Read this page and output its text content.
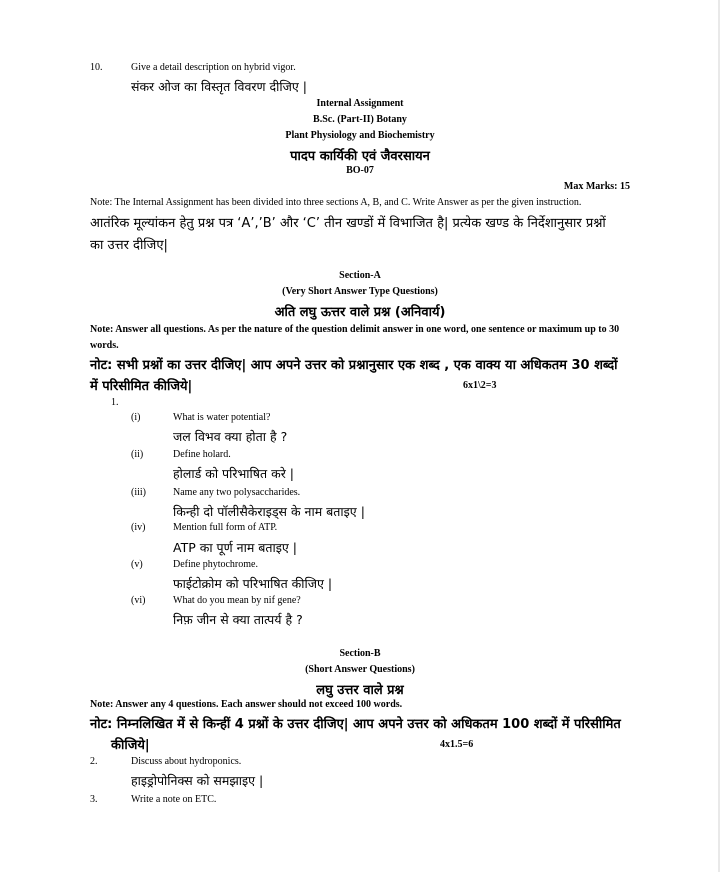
10.	Give a detail description on hybrid vigor.
संकर ओज का विस्तृत विवरण दीजिए |
Internal Assignment
B.Sc. (Part-II) Botany
Plant Physiology and Biochemistry
पादप कार्यिकी एवं जैवरसायन
BO-07
Max Marks: 15
Note: The Internal Assignment has been divided into three sections A, B, and C. Write Answer as per the given instruction.
आतंरिक मूल्यांकन हेतु प्रश्न पत्र ‘A’,’B’ और ‘C’ तीन खण्डों में विभाजित है| प्रत्येक खण्ड के निर्देशानुसार प्रश्नों
का उत्तर दीजिए|
Section-A
(Very Short Answer Type Questions)
अति लघु ऊत्तर वाले प्रश्न (अनिवार्य)
Note: Answer all questions. As per the nature of the question delimit answer in one word, one sentence or maximum up to 30
words.
नोट: सभी प्रश्नों का उत्तर दीजिए| आप अपने उत्तर को प्रश्नानुसार एक शब्द , एक वाक्य या अधिकतम 30 शब्दों
में परिसीमित कीजिये|	6x1\2=3
1.
(i)	What is water potential?
जल विभव क्या होता है ?
(ii)	Define holard.
होलार्ड को परिभाषित करे |
(iii)	Name any two polysaccharides.
किन्ही दो पॉलीसैकेराइड्स के नाम बताइए |
(iv)	Mention full form of ATP.
ATP का पूर्ण नाम बताइए |
(v)	Define phytochrome.
फाईटोक्रोम को परिभाषित कीजिए |
(vi)	What do you mean by nif gene?
निफ़ जीन से क्या तात्पर्य है ?
Section-B
(Short Answer Questions)
लघु उत्तर वाले प्रश्न
Note: Answer any 4 questions. Each answer should not exceed 100 words.
नोट: निम्नलिखित में से किन्हीं 4 प्रश्नों के उत्तर दीजिए| आप अपने उत्तर को अधिकतम 100 शब्दों में परिसीमित
कीजिये|	4x1.5=6
2.	Discuss about hydroponics.
हाइड्रोपोनिक्स को समझाइए |
3.	Write a note on ETC.
